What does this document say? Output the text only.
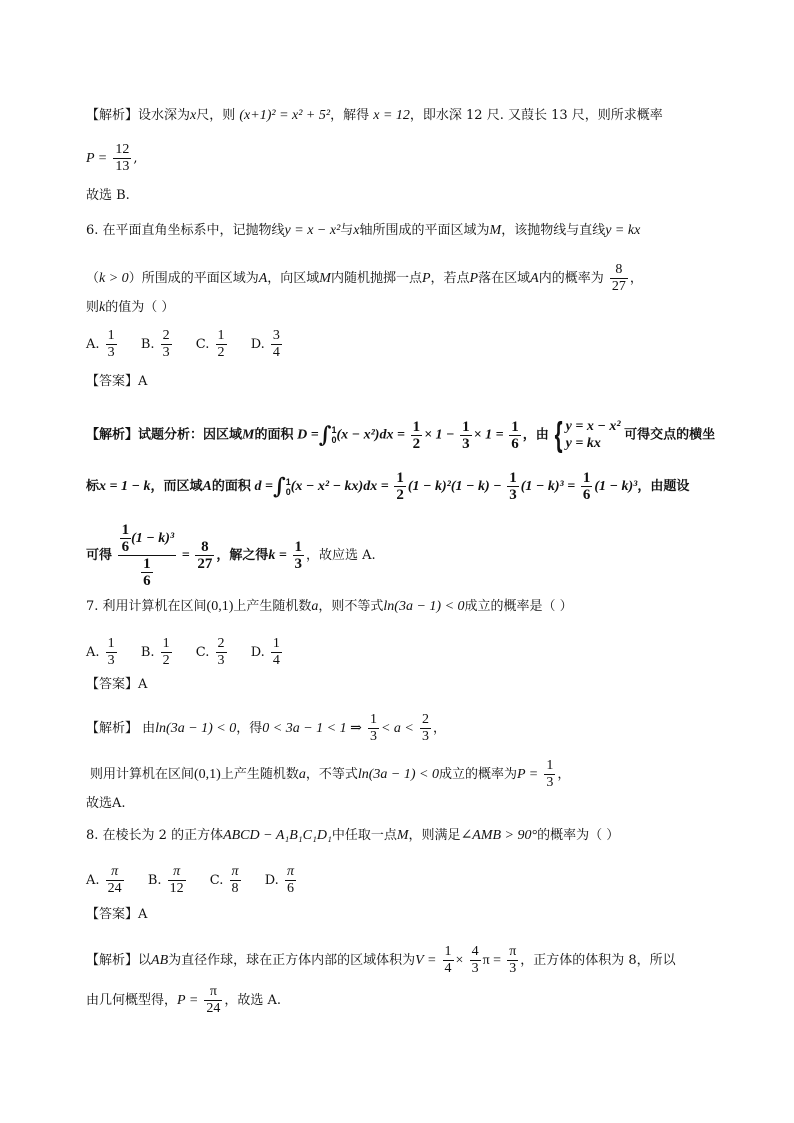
【解析】设水深为x尺，则 (x+1)² = x² + 5²，解得 x = 12，即水深 12 尺. 又葭长 13 尺，则所求概率
$P = \frac{12}{13}$ ,
故选 B.
6. 在平面直角坐标系中，记抛物线y = x − x²与x轴所围成的平面区域为M，该抛物线与直线y = kx
（k > 0）所围成的平面区域为A，向区域M内随机抛掷一点P，若点P落在区域A内的概率为 $\frac{8}{27}$ ，
则k的值为（ ）
A. $\frac{1}{3} B$. $\frac{2}{3} C$. $\frac{1}{2} D$. $\frac{3}{4}$
【答案】A
【解析】试题分析：因区域M的面积 D =∫1
$0(x - x^2)dx = \frac{1}{2} \times 1 - \frac{1}{3} \times 1 = \frac{1}{6}$ ，由 { y = x − x²
y = kx 可得交点的横坐
标x = 1 − k，而区域A的面积 d =∫1
$0(x - x^2 - kx)dx = \frac{1}{2} (1 - k)^2(1 - k) - \frac{1}{3} (1 - k)^3 = \frac{1}{6} (1 - k)^3$，由题设
可得 $\frac{\frac{1}{6} (1 - k)^3}{\frac{1}{6}} = \frac{8}{27}$ ，解之得$k = \frac{1}{3}$ ，故应选 A.
7. 利用计算机在区间(0,1)上产生随机数a，则不等式ln(3a − 1) < 0成立的概率是（ ）
A. $\frac{1}{3} B$. $\frac{1}{2} C$. $\frac{2}{3} D$. $\frac{1}{4}$
【答案】A
【解析】 由ln(3a − 1) < 0，得0 < 3a − 1 < 1 ⇒ $\frac{1}{3} < a < \frac{2}{3}$ ，
则用计算机在区间(0,1)上产生随机数a，不等式ln(3a − 1) < 0成立的概率为$P = \frac{1}{3}$ ，
故选A.
8. 在棱长为 2 的正方体ABCD − A₁B₁C₁D₁中任取一点M，则满足∠AMB > 90°的概率为（ ）
A. $\frac{\pi}{24} B$. $\frac{\pi}{12} C$. $\frac{\pi}{8} D$. $\frac{\pi}{6}$
【答案】A
【解析】以AB为直径作球，球在正方体内部的区域体积为$V = \frac{1}{4} \times \frac{4}{3}$ $\pi = \frac{\pi}{3}$ ，正方体的体积为 8，所以
由几何概型得，$P = \frac{\pi}{24}$ ，故选 A.
